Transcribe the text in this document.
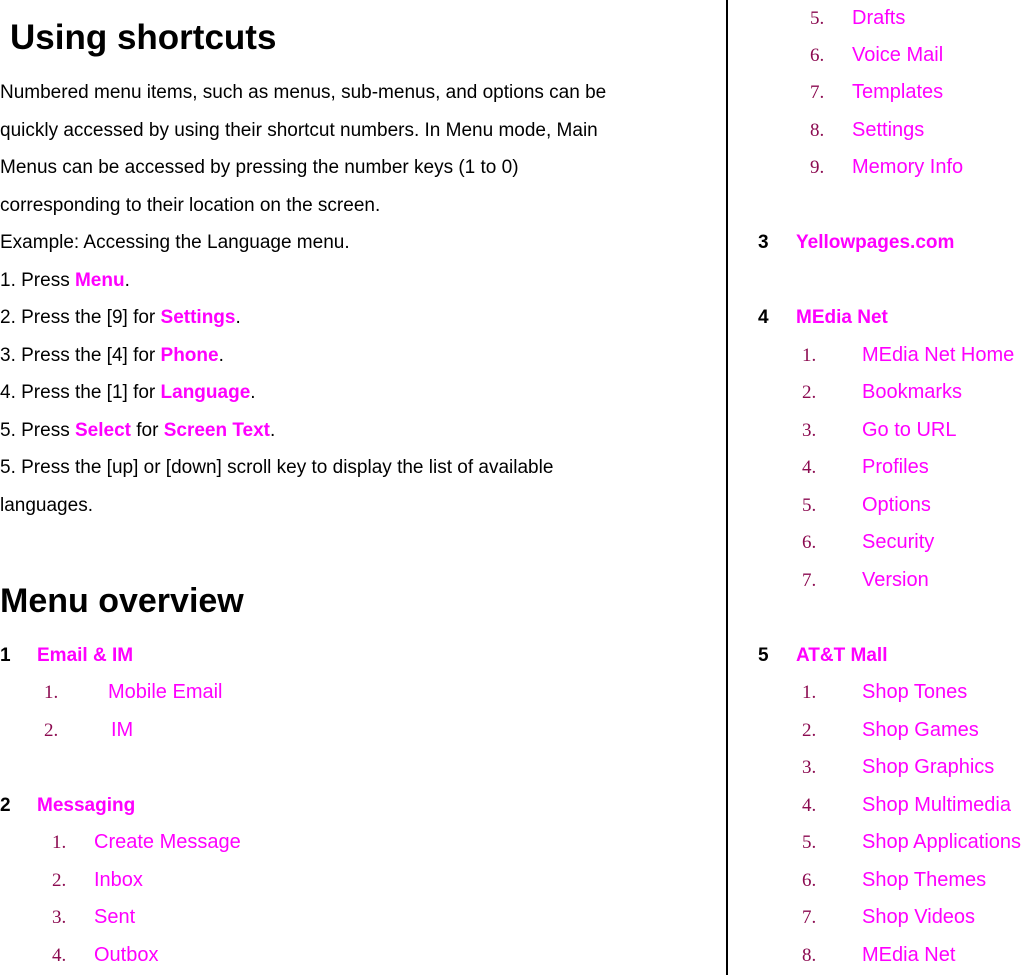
Using shortcuts

Numbered menu items, such as menus, sub-menus, and options can be

quickly accessed by using their shortcut numbers. In Menu mode, Main

Menus can be accessed by pressing the number keys (1 to 0)

corresponding to their location on the screen.

Example: Accessing the Language menu.

1. Press Menu.

2. Press the [9] for Settings.

3. Press the [4] for Phone.

4. Press the [1] for Language.

5. Press Select for Screen Text.

5. Press the [up] or [down] scroll key to display the list of available

languages.

Menu overview
1 Email & IM
1. Mobile Email
2.	IM
2 Messaging
1. Create Message
2. Inbox
3. Sent
4. Outbox
5. Drafts
6. Voice Mail
7. Templates
8. Settings
9. Memory Info
3 Yellowpages.com
4 MEdia Net
1. MEdia Net Home
2. Bookmarks
3. Go to URL
4. Profiles
5. Options
6. Security
7. Version
5 AT&T Mall
1. Shop Tones
2. Shop Games
3. Shop Graphics
4. Shop Multimedia
5. Shop Applications
6. Shop Themes
7. Shop Videos
8. MEdia Net
